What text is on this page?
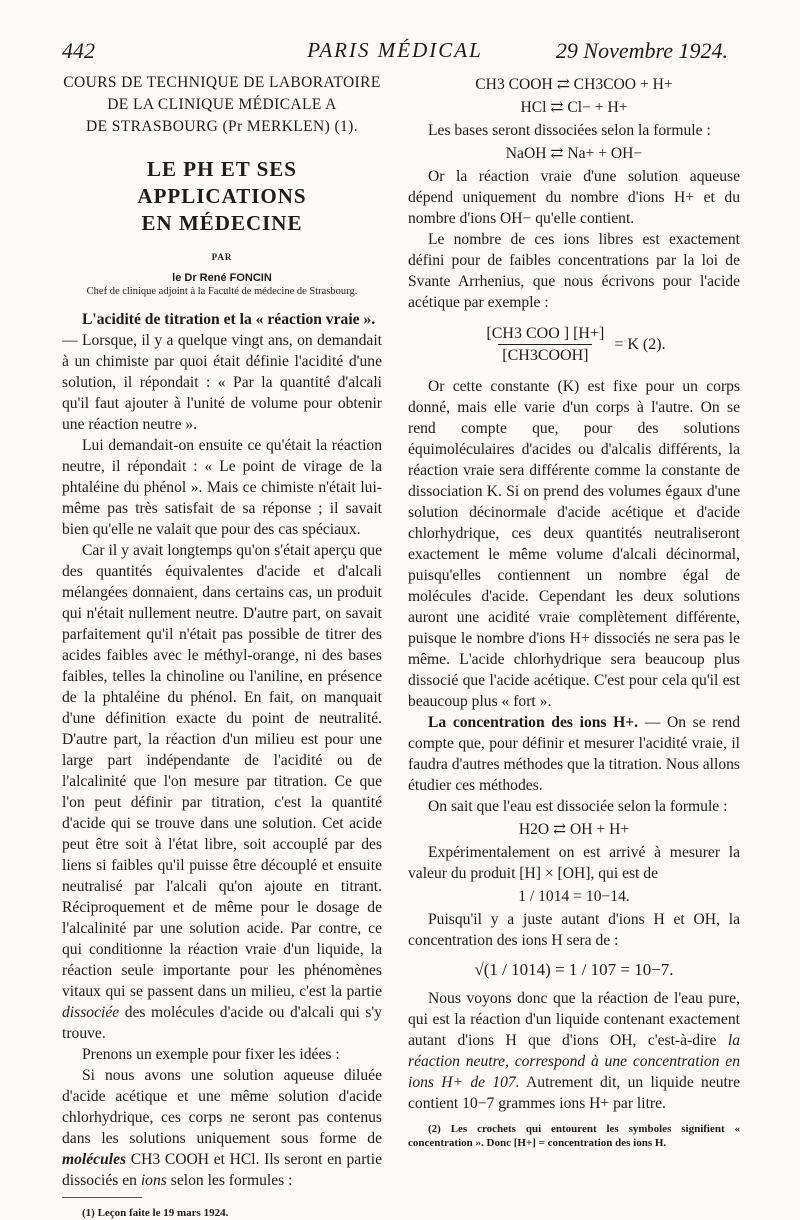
442	PARIS MÉDICAL	29 Novembre 1924.
COURS DE TECHNIQUE DE LABORATOIRE
DE LA CLINIQUE MÉDICALE A
DE STRASBOURG (Pr MERKLEN) (1).
LE PH ET SES APPLICATIONS
EN MÉDECINE
PAR
le Dr René FONCIN
Chef de clinique adjoint à la Faculté de médecine de Strasbourg.

L'acidité de titration et la « réaction vraie ».

— Lorsque, il y a quelque vingt ans, on demandait à un chimiste par quoi était définie l'acidité d'une solution, il répondait : « Par la quantité d'alcali qu'il faut ajouter à l'unité de volume pour obtenir une réaction neutre ».

Lui demandait-on ensuite ce qu'était la réaction neutre, il répondait : « Le point de virage de la phtaléine du phénol ». Mais ce chimiste n'était lui-même pas très satisfait de sa réponse ; il savait bien qu'elle ne valait que pour des cas spéciaux.

Car il y avait longtemps qu'on s'était aperçu que des quantités équivalentes d'acide et d'alcali mélangées donnaient, dans certains cas, un produit qui n'était nullement neutre. D'autre part, on savait parfaitement qu'il n'était pas possible de titrer des acides faibles avec le méthyl-orange, ni des bases faibles, telles la chinoline ou l'aniline, en présence de la phtaléine du phénol. En fait, on manquait d'une définition exacte du point de neutralité. D'autre part, la réaction d'un milieu est pour une large part indépendante de l'acidité ou de l'alcalinité que l'on mesure par titration. Ce que l'on peut définir par titration, c'est la quantité d'acide qui se trouve dans une solution. Cet acide peut être soit à l'état libre, soit accouplé par des liens si faibles qu'il puisse être découplé et ensuite neutralisé par l'alcali qu'on ajoute en titrant. Réciproquement et de même pour le dosage de l'alcalinité par une solution acide. Par contre, ce qui conditionne la réaction vraie d'un liquide, la réaction seule importante pour les phénomènes vitaux qui se passent dans un milieu, c'est la partie dissociée des molécules d'acide ou d'alcali qui s'y trouve.

Prenons un exemple pour fixer les idées :

Si nous avons une solution aqueuse diluée d'acide acétique et une même solution d'acide chlorhydrique, ces corps ne seront pas contenus dans les solutions uniquement sous forme de molécules CH3 COOH et HCl. Ils seront en partie dissociés en ions selon les formules :

(1) Leçon faite le 19 mars 1924.
CH3 COOH ⇄ CH3COO + H+
HCl ⇄ Cl− + H+

Les bases seront dissociées selon la formule :

NaOH ⇄ Na+ + OH−

Or la réaction vraie d'une solution aqueuse dépend uniquement du nombre d'ions H+ et du nombre d'ions OH− qu'elle contient.

Le nombre de ces ions libres est exactement défini pour de faibles concentrations par la loi de Svante Arrhenius, que nous écrivons pour l'acide acétique par exemple :

$\frac{\text{[CH3 COO ] [H+]}}{\text{[CH3COOH]}} = K$ (2).

Or cette constante (K) est fixe pour un corps donné, mais elle varie d'un corps à l'autre. On se rend compte que, pour des solutions équimoléculaires d'acides ou d'alcalis différents, la réaction vraie sera différente comme la constante de dissociation K. Si on prend des volumes égaux d'une solution décinormale d'acide acétique et d'acide chlorhydrique, ces deux quantités neutraliseront exactement le même volume d'alcali décinormal, puisqu'elles contiennent un nombre égal de molécules d'acide. Cependant les deux solutions auront une acidité vraie complètement différente, puisque le nombre d'ions H+ dissociés ne sera pas le même. L'acide chlorhydrique sera beaucoup plus dissocié que l'acide acétique. C'est pour cela qu'il est beaucoup plus « fort ».

La concentration des ions H+. — On se rend compte que, pour définir et mesurer l'acidité vraie, il faudra d'autres méthodes que la titration. Nous allons étudier ces méthodes.

On sait que l'eau est dissociée selon la formule :

H2O ⇄ OH + H+

Expérimentalement on est arrivé à mesurer la valeur du produit [H] × [OH], qui est de

1 / 1014 = 10−14.

Puisqu'il y a juste autant d'ions H et OH, la concentration des ions H sera de :

√(1 / 1014) = 1 / 107 = 10−7.

Nous voyons donc que la réaction de l'eau pure, qui est la réaction d'un liquide contenant exactement autant d'ions H que d'ions OH, c'est-à-dire la réaction neutre, correspond à une concentration en ions H+ de 107. Autrement dit, un liquide neutre contient 10−7 grammes ions H+ par litre.

(2) Les crochets qui entourent les symboles signifient « concentration ». Donc [H+] = concentration des ions H.
